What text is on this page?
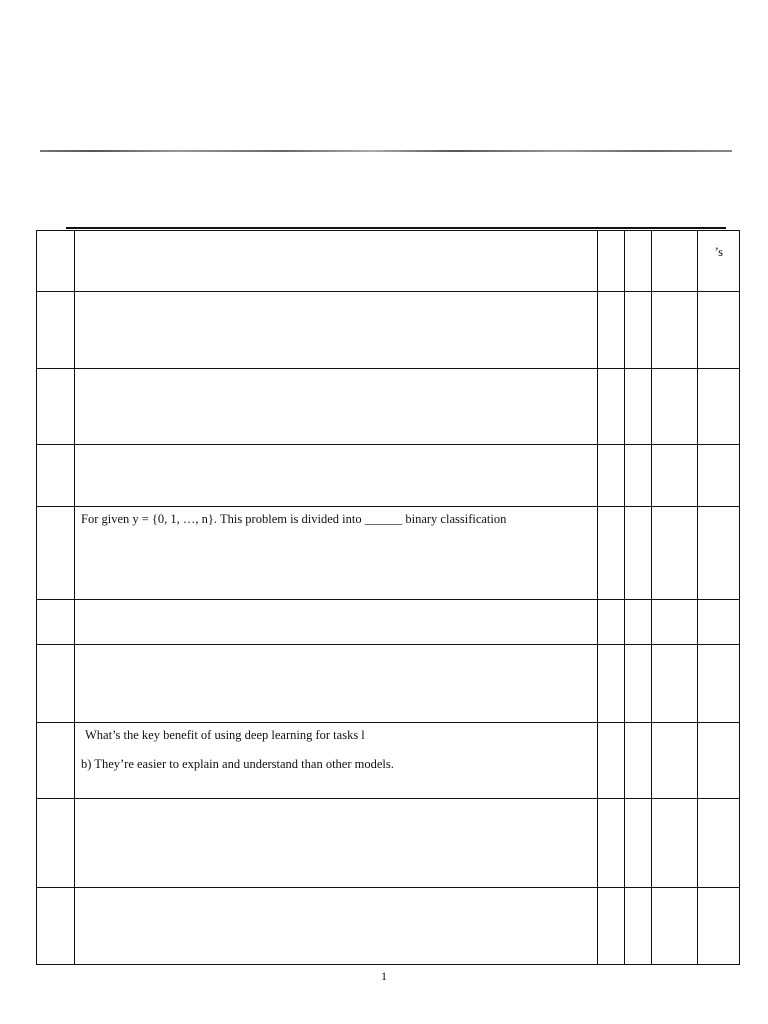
					’s

	For given y = {0, 1, …, n}. This problem is divided into ______ binary classification				

	What’s the key benefit of using deep learning for tasks l
b) They’re easier to explain and understand than other models.				

1
